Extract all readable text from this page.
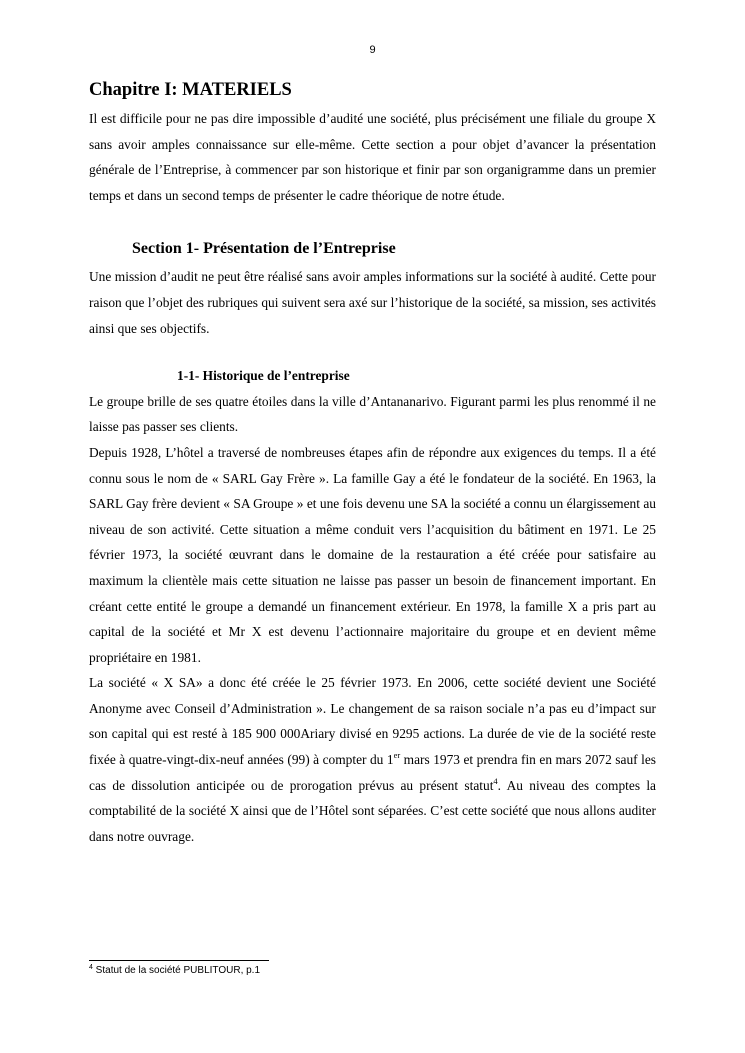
9
Chapitre I: MATERIELS

Il est difficile pour ne pas dire impossible d’audité une société, plus précisément une filiale du groupe X sans avoir amples connaissance sur elle-même. Cette section a pour objet d’avancer la présentation générale de l’Entreprise, à commencer par son historique et finir par son organigramme dans un premier temps et dans un second temps de présenter le cadre théorique de notre étude.

Section 1- Présentation de l’Entreprise

Une mission d’audit ne peut être réalisé sans avoir amples informations sur la société à audité. Cette pour raison que l’objet des rubriques qui suivent sera axé sur l’historique de la société, sa mission, ses activités ainsi que ses objectifs.

1-1- Historique de l’entreprise

Le groupe brille de ses quatre étoiles dans la ville d’Antananarivo. Figurant parmi les plus renommé il ne laisse pas passer ses clients.

Depuis 1928, L’hôtel a traversé de nombreuses étapes afin de répondre aux exigences du temps. Il a été connu sous le nom de « SARL Gay Frère ». La famille Gay a été le fondateur de la société. En 1963, la SARL Gay frère devient « SA Groupe » et une fois devenu une SA la société a connu un élargissement au niveau de son activité. Cette situation a même conduit vers l’acquisition du bâtiment en 1971. Le 25 février 1973, la société œuvrant dans le domaine de la restauration a été créée pour satisfaire au maximum la clientèle mais cette situation ne laisse pas passer un besoin de financement important. En créant cette entité le groupe a demandé un financement extérieur. En 1978, la famille X a pris part au capital de la société et Mr X est devenu l’actionnaire majoritaire du groupe et en devient même propriétaire en 1981.

La société « X SA» a donc été créée le 25 février 1973. En 2006, cette société devient une Société Anonyme avec Conseil d’Administration ». Le changement de sa raison sociale n’a pas eu d’impact sur son capital qui est resté à 185 900 000Ariary divisé en 9295 actions. La durée de vie de la société reste fixée à quatre-vingt-dix-neuf années (99) à compter du 1er mars 1973 et prendra fin en mars 2072 sauf les cas de dissolution anticipée ou de prorogation prévus au présent statut$^4$. Au niveau des comptes la comptabilité de la société X ainsi que de l’Hôtel sont séparées. C’est cette société que nous allons auditer dans notre ouvrage.

$^4$ Statut de la société PUBLITOUR, p.1
